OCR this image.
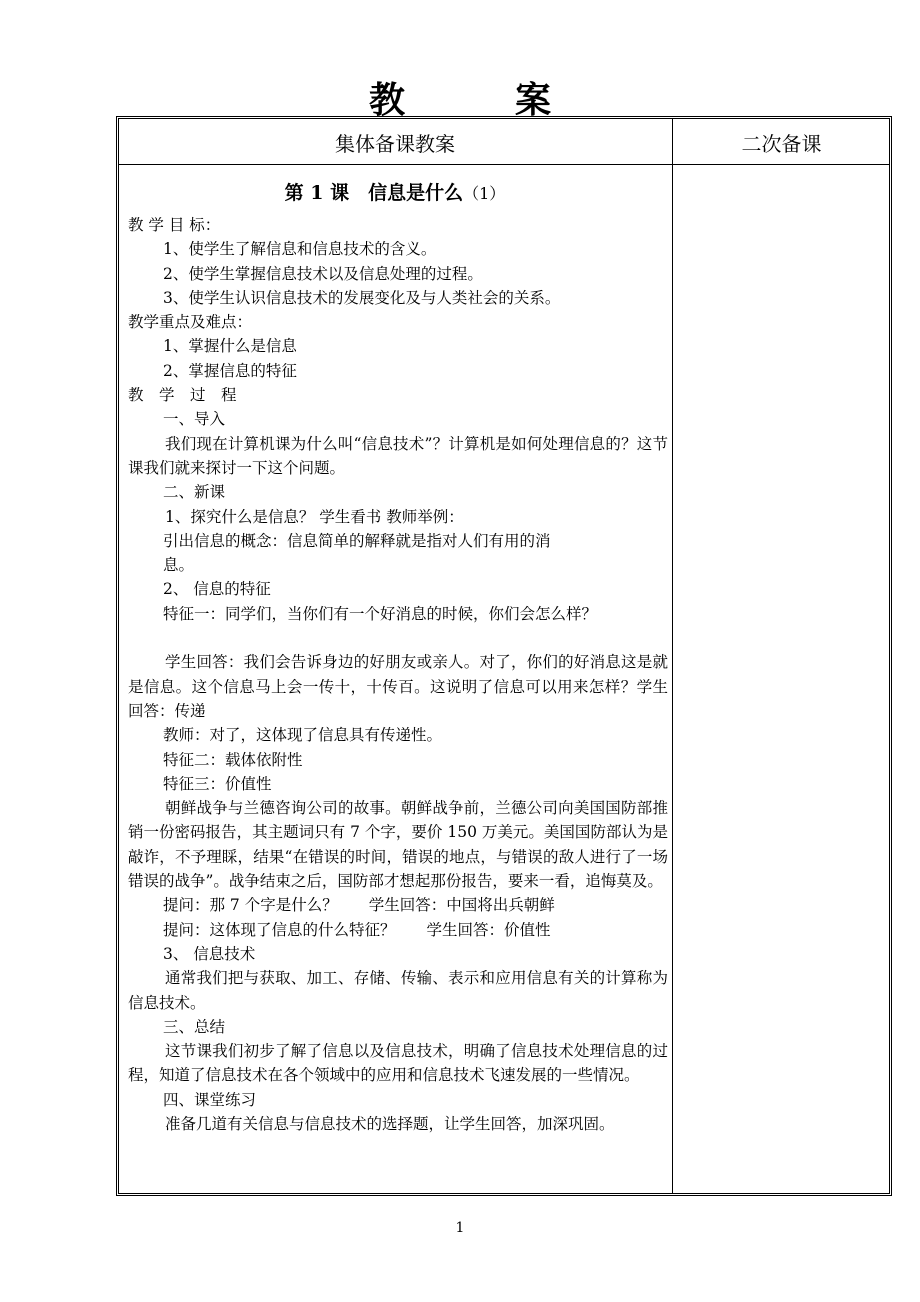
教	案
集体备课教案	二次备课
第 1 课　信息是什么（1）

教 学 目 标：

1、使学生了解信息和信息技术的含义。

2、使学生掌握信息技术以及信息处理的过程。

3、使学生认识信息技术的发展变化及与人类社会的关系。

教学重点及难点：

1、掌握什么是信息

2、掌握信息的特征

教　学　过　程

一、导入

我们现在计算机课为什么叫“信息技术”？计算机是如何处理信息的？这节课我们就来探讨一下这个问题。

二、新课

1、探究什么是信息？ 学生看书 教师举例：

引出信息的概念：信息简单的解释就是指对人们有用的消

息。

2、 信息的特征

特征一：同学们，当你们有一个好消息的时候，你们会怎么样？

学生回答：我们会告诉身边的好朋友或亲人。对了，你们的好消息这是就是信息。这个信息马上会一传十，十传百。这说明了信息可以用来怎样？学生回答：传递

教师：对了，这体现了信息具有传递性。

特征二：载体依附性

特征三：价值性

朝鲜战争与兰德咨询公司的故事。朝鲜战争前，兰德公司向美国国防部推销一份密码报告，其主题词只有 7 个字，要价 150 万美元。美国国防部认为是敲诈，不予理睬，结果“在错误的时间，错误的地点，与错误的敌人进行了一场错误的战争”。战争结束之后，国防部才想起那份报告，要来一看，追悔莫及。

提问：那 7 个字是什么？　　学生回答：中国将出兵朝鲜

提问：这体现了信息的什么特征？　　学生回答：价值性

3、 信息技术

通常我们把与获取、加工、存储、传输、表示和应用信息有关的计算称为信息技术。

三、总结

这节课我们初步了解了信息以及信息技术，明确了信息技术处理信息的过程，知道了信息技术在各个领域中的应用和信息技术飞速发展的一些情况。

四、课堂练习

准备几道有关信息与信息技术的选择题，让学生回答，加深巩固。

1
